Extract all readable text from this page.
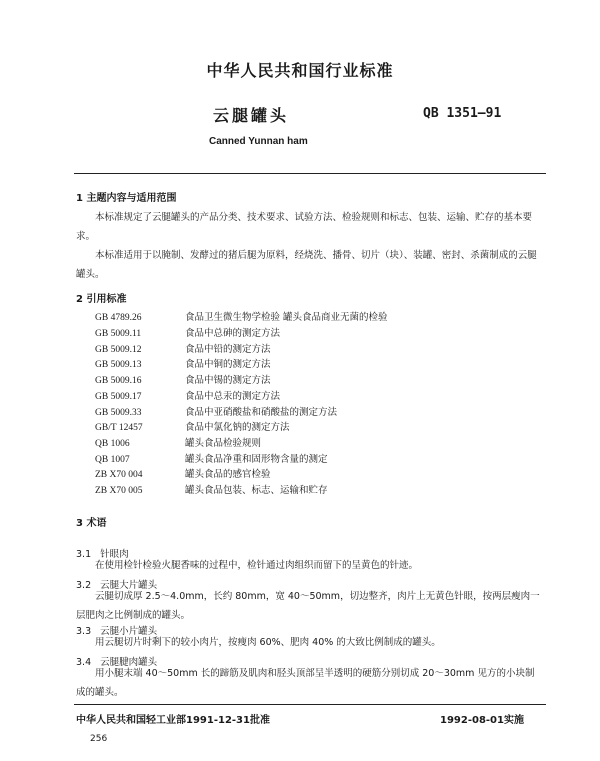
中华人民共和国行业标准
云腿罐头	QB 1351—91
Canned Yunnan ham
1 主题内容与适用范围
本标准规定了云腿罐头的产品分类、技术要求、试验方法、检验规则和标志、包装、运输、贮存的基本要求。
本标准适用于以腌制、发酵过的猪后腿为原料，经烧洗、播骨、切片（块）、装罐、密封、杀菌制成的云腿罐头。
2 引用标准
GB 4789.26	食品卫生微生物学检验 罐头食品商业无菌的检验
GB 5009.11	食品中总砷的测定方法
GB 5009.12	食品中铅的测定方法
GB 5009.13	食品中铜的测定方法
GB 5009.16	食品中锡的测定方法
GB 5009.17	食品中总汞的测定方法
GB 5009.33	食品中亚硝酸盐和硝酸盐的测定方法
GB/T 12457	食品中氯化钠的测定方法
QB 1006	罐头食品检验规则
QB 1007	罐头食品净重和固形物含量的测定
ZB X70 004	罐头食品的感官检验
ZB X70 005	罐头食品包装、标志、运输和贮存
3 术语
3.1 针眼肉
在使用检针检验火腿香味的过程中，检针通过肉组织而留下的呈黄色的针迹。
3.2 云腿大片罐头
云腿切成厚 2.5～4.0mm，长约 80mm，宽 40～50mm，切边整齐，肉片上无黄色针眼，按两层瘦肉一层肥肉之比例制成的罐头。
3.3 云腿小片罐头
用云腿切片时剩下的较小肉片，按瘦肉 60%、肥肉 40% 的大致比例制成的罐头。
3.4 云腿腱肉罐头
用小腿末端 40～50mm 长的蹄筋及肌肉和胫头顶部呈半透明的硬筋分别切成 20～30mm 见方的小块制成的罐头。
中华人民共和国轻工业部1991-12-31批准	1992-08-01实施
256
